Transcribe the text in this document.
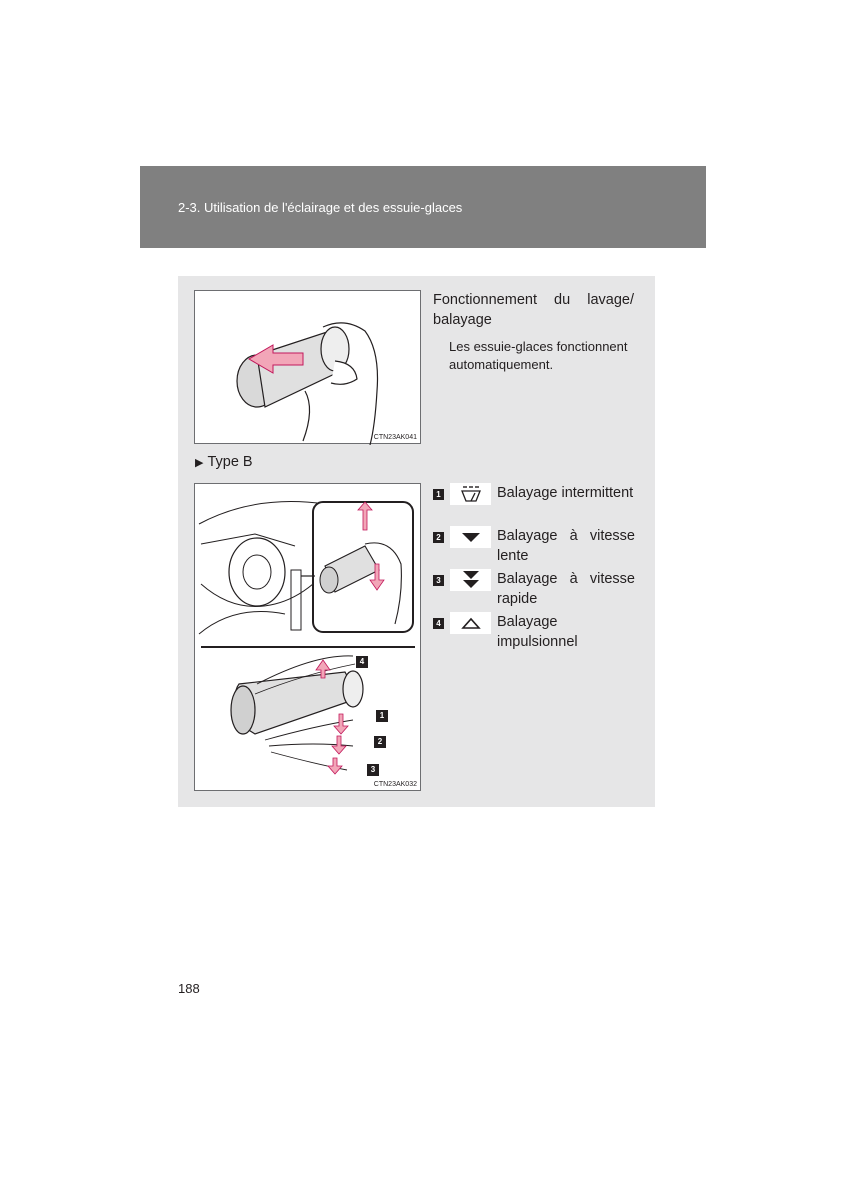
2-3. Utilisation de l'éclairage et des essuie-glaces
CTN23AK041
Fonctionnement du lavage/ balayage
Les essuie-glaces fonctionnent automatiquement.
▶ Type B
4
1
2
3
CTN23AK032
1	Balayage intermittent
2	Balayage à vitesse lente
3	Balayage à vitesse rapide
4	Balayage impulsionnel
188
